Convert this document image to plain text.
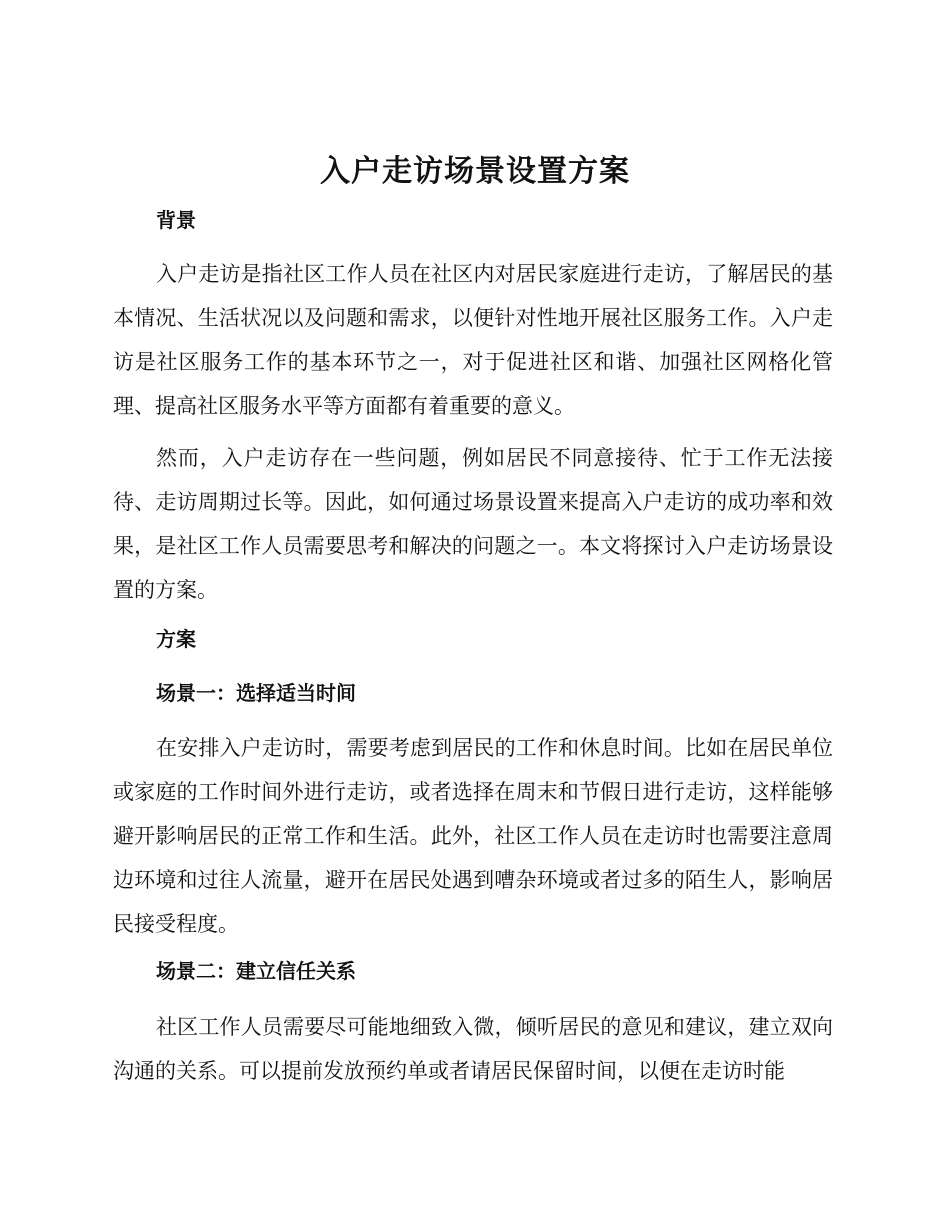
入户走访场景设置方案
背景

入户走访是指社区工作人员在社区内对居民家庭进行走访，了解居民的基本情况、生活状况以及问题和需求，以便针对性地开展社区服务工作。入户走访是社区服务工作的基本环节之一，对于促进社区和谐、加强社区网格化管理、提高社区服务水平等方面都有着重要的意义。

然而，入户走访存在一些问题，例如居民不同意接待、忙于工作无法接待、走访周期过长等。因此，如何通过场景设置来提高入户走访的成功率和效果，是社区工作人员需要思考和解决的问题之一。本文将探讨入户走访场景设置的方案。

方案
场景一：选择适当时间

在安排入户走访时，需要考虑到居民的工作和休息时间。比如在居民单位或家庭的工作时间外进行走访，或者选择在周末和节假日进行走访，这样能够避开影响居民的正常工作和生活。此外，社区工作人员在走访时也需要注意周边环境和过往人流量，避开在居民处遇到嘈杂环境或者过多的陌生人，影响居民接受程度。

场景二：建立信任关系

社区工作人员需要尽可能地细致入微，倾听居民的意见和建议，建立双向沟通的关系。可以提前发放预约单或者请居民保留时间，以便在走访时能
